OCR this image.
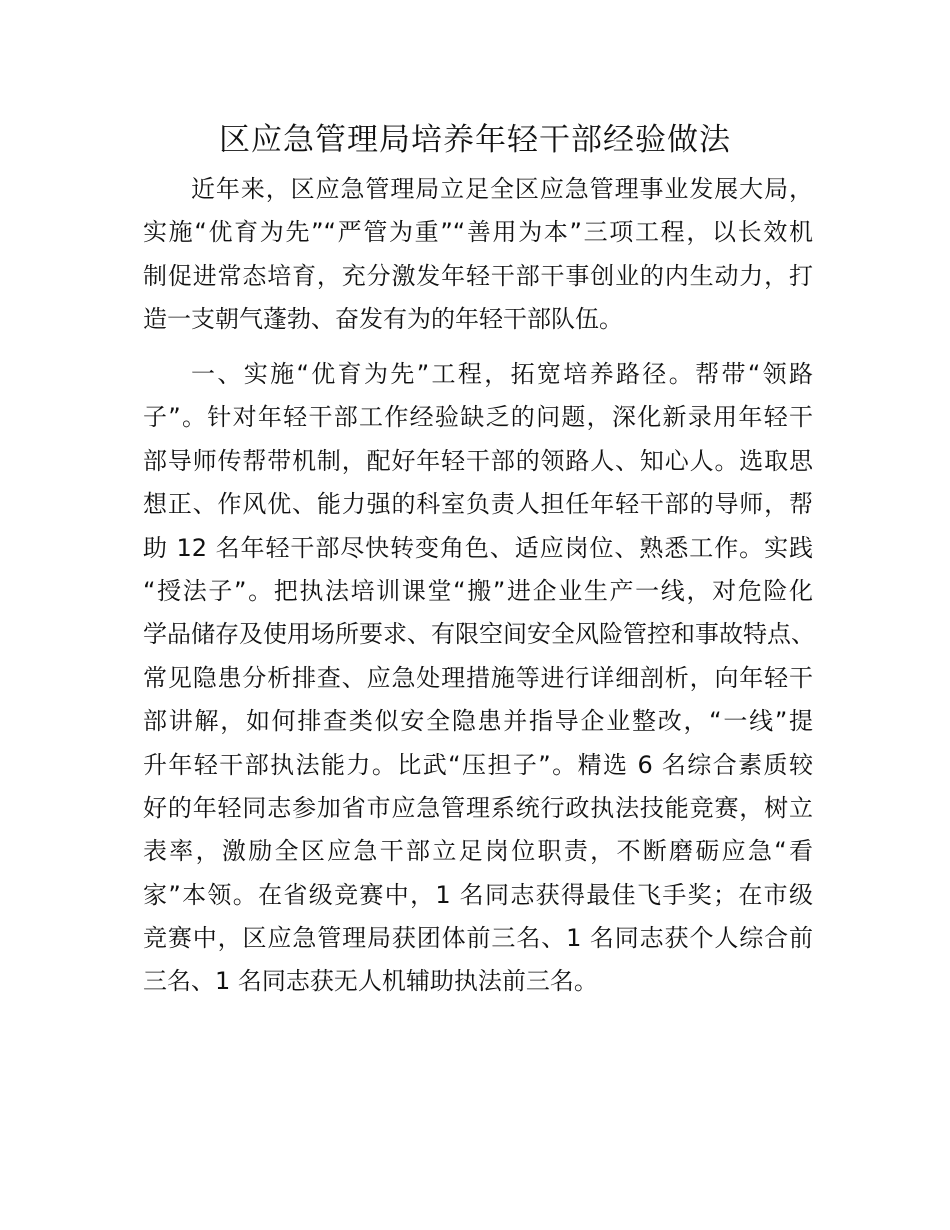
区应急管理局培养年轻干部经验做法
近年来，区应急管理局立足全区应急管理事业发展大局，
实施“优育为先”“严管为重”“善用为本”三项工程，以长效机
制促进常态培育，充分激发年轻干部干事创业的内生动力，打
造一支朝气蓬勃、奋发有为的年轻干部队伍。
一、实施“优育为先”工程，拓宽培养路径。帮带“领路
子”。针对年轻干部工作经验缺乏的问题，深化新录用年轻干
部导师传帮带机制，配好年轻干部的领路人、知心人。选取思
想正、作风优、能力强的科室负责人担任年轻干部的导师，帮
助 12 名年轻干部尽快转变角色、适应岗位、熟悉工作。实践
“授法子”。把执法培训课堂“搬”进企业生产一线，对危险化
学品储存及使用场所要求、有限空间安全风险管控和事故特点、
常见隐患分析排查、应急处理措施等进行详细剖析，向年轻干
部讲解，如何排查类似安全隐患并指导企业整改，“一线”提
升年轻干部执法能力。比武“压担子”。精选 6 名综合素质较
好的年轻同志参加省市应急管理系统行政执法技能竞赛，树立
表率，激励全区应急干部立足岗位职责，不断磨砺应急“看
家”本领。在省级竞赛中，1 名同志获得最佳飞手奖；在市级
竞赛中，区应急管理局获团体前三名、1 名同志获个人综合前
三名、1 名同志获无人机辅助执法前三名。
